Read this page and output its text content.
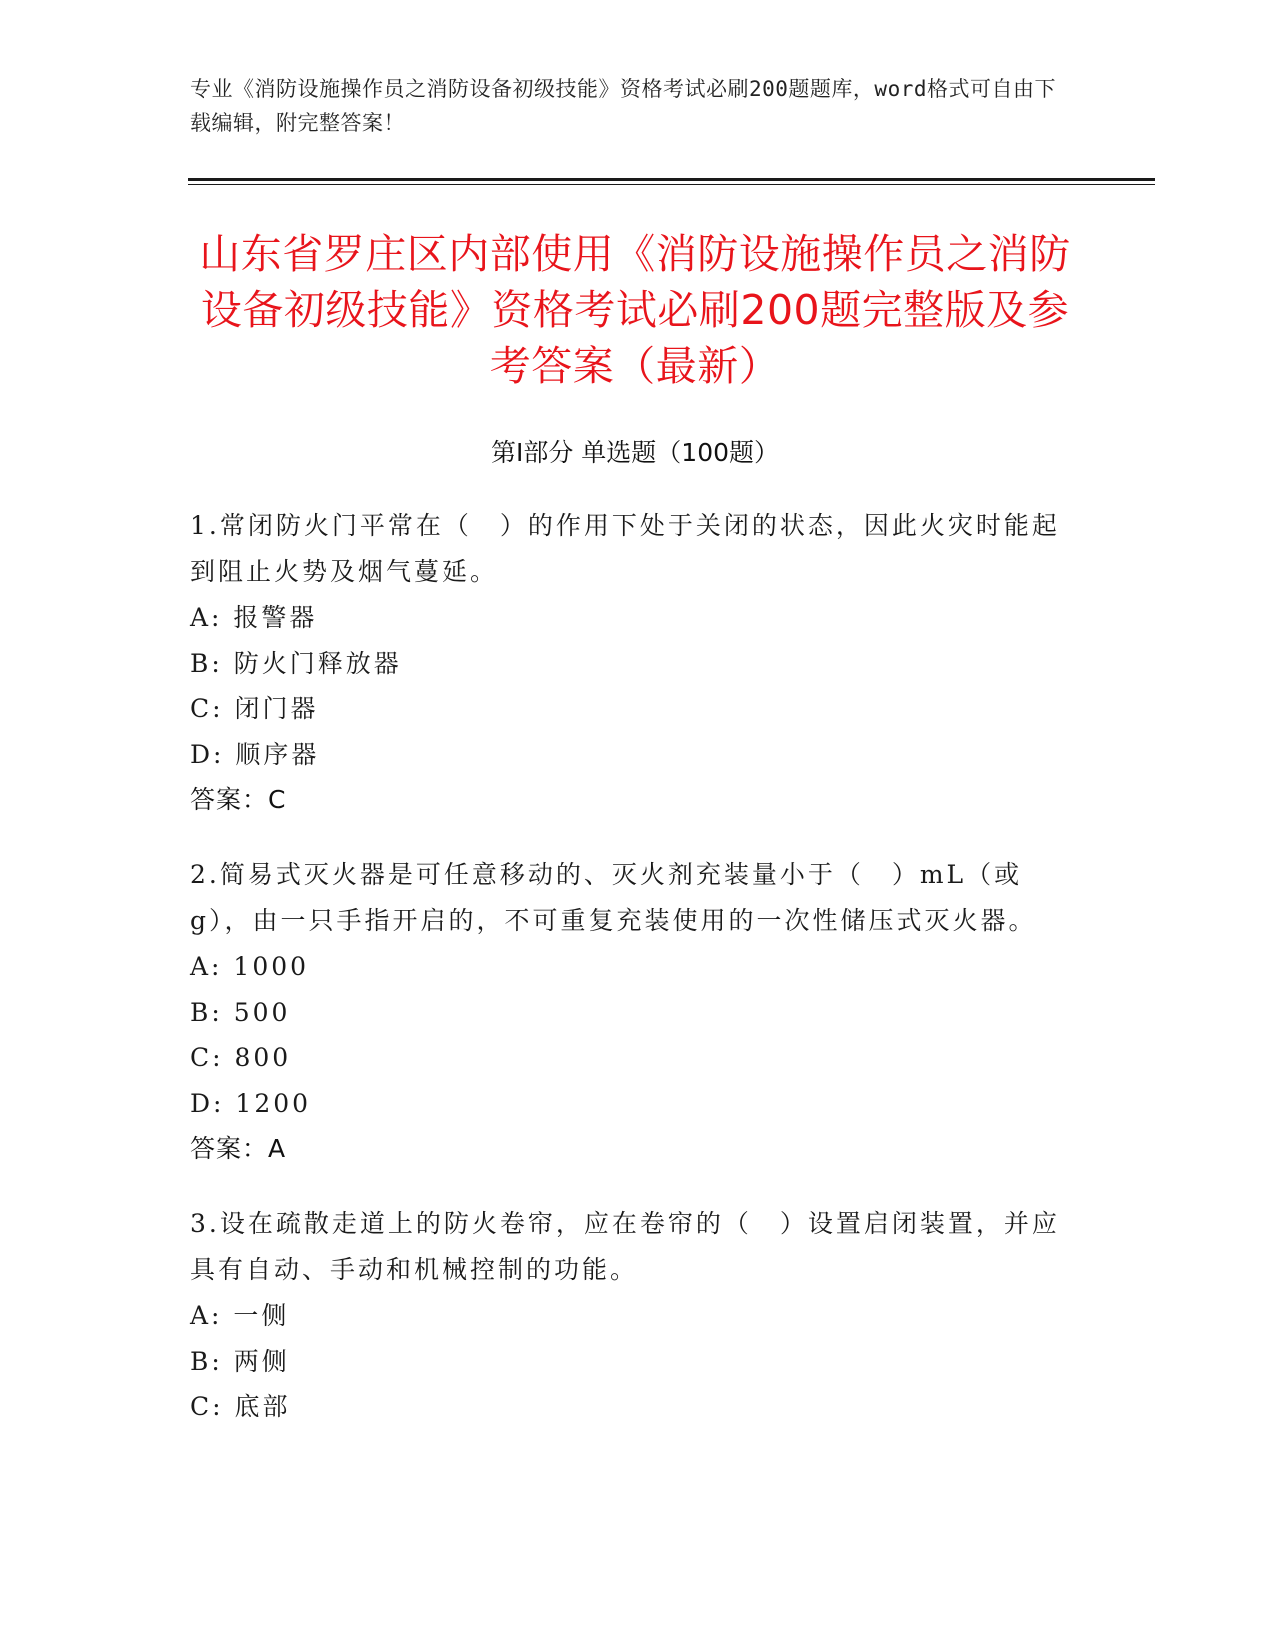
专业《消防设施操作员之消防设备初级技能》资格考试必刷200题题库，word格式可自由下载编辑，附完整答案！
山东省罗庄区内部使用《消防设施操作员之消防设备初级技能》资格考试必刷200题完整版及参考答案（最新）
第Ⅰ部分 单选题（100题）
1.常闭防火门平常在（　）的作用下处于关闭的状态，因此火灾时能起到阻止火势及烟气蔓延。
A: 报警器
B: 防火门释放器
C: 闭门器
D: 顺序器
答案：C
2.简易式灭火器是可任意移动的、灭火剂充装量小于（　）mL（或g），由一只手指开启的，不可重复充装使用的一次性储压式灭火器。
A: 1000
B: 500
C: 800
D: 1200
答案：A
3.设在疏散走道上的防火卷帘，应在卷帘的（　）设置启闭装置，并应具有自动、手动和机械控制的功能。
A: 一侧
B: 两侧
C: 底部
